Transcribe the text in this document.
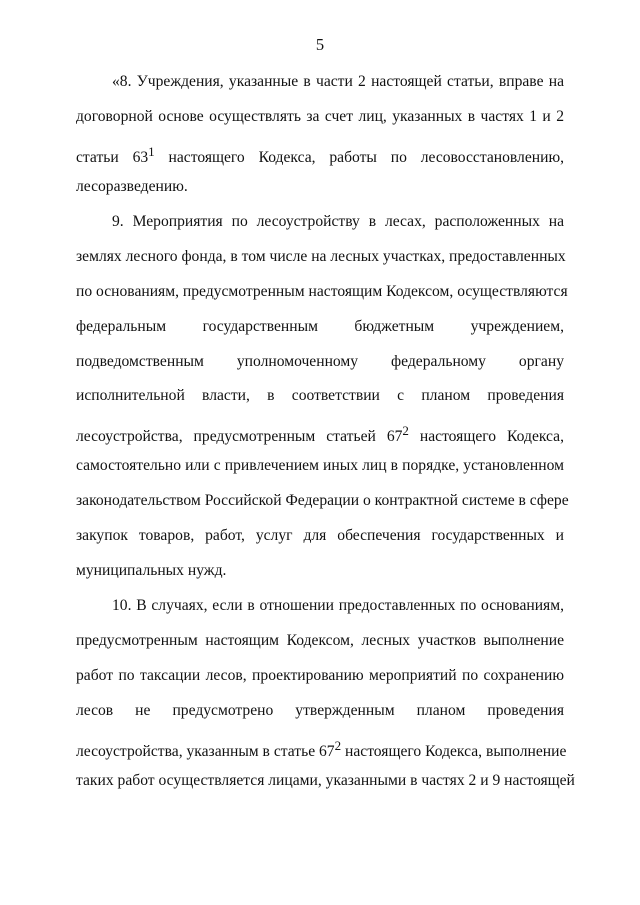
5
«8. Учреждения, указанные в части 2 настоящей статьи, вправе на
договорной основе осуществлять за счет лиц, указанных в частях 1 и 2
статьи $63^1$ настоящего Кодекса, работы по лесовосстановлению,
лесоразведению.
9. Мероприятия по лесоустройству в лесах, расположенных на
землях лесного фонда, в том числе на лесных участках, предоставленных
по основаниям, предусмотренным настоящим Кодексом, осуществляются
федеральным государственным бюджетным учреждением,
подведомственным уполномоченному федеральному органу
исполнительной власти, в соответствии с планом проведения
лесоустройства, предусмотренным статьей $67^2$ настоящего Кодекса,
самостоятельно или с привлечением иных лиц в порядке, установленном
законодательством Российской Федерации о контрактной системе в сфере
закупок товаров, работ, услуг для обеспечения государственных и
муниципальных нужд.
10. В случаях, если в отношении предоставленных по основаниям,
предусмотренным настоящим Кодексом, лесных участков выполнение
работ по таксации лесов, проектированию мероприятий по сохранению
лесов не предусмотрено утвержденным планом проведения
лесоустройства, указанным в статье $67^2$ настоящего Кодекса, выполнение
таких работ осуществляется лицами, указанными в частях 2 и 9 настоящей
